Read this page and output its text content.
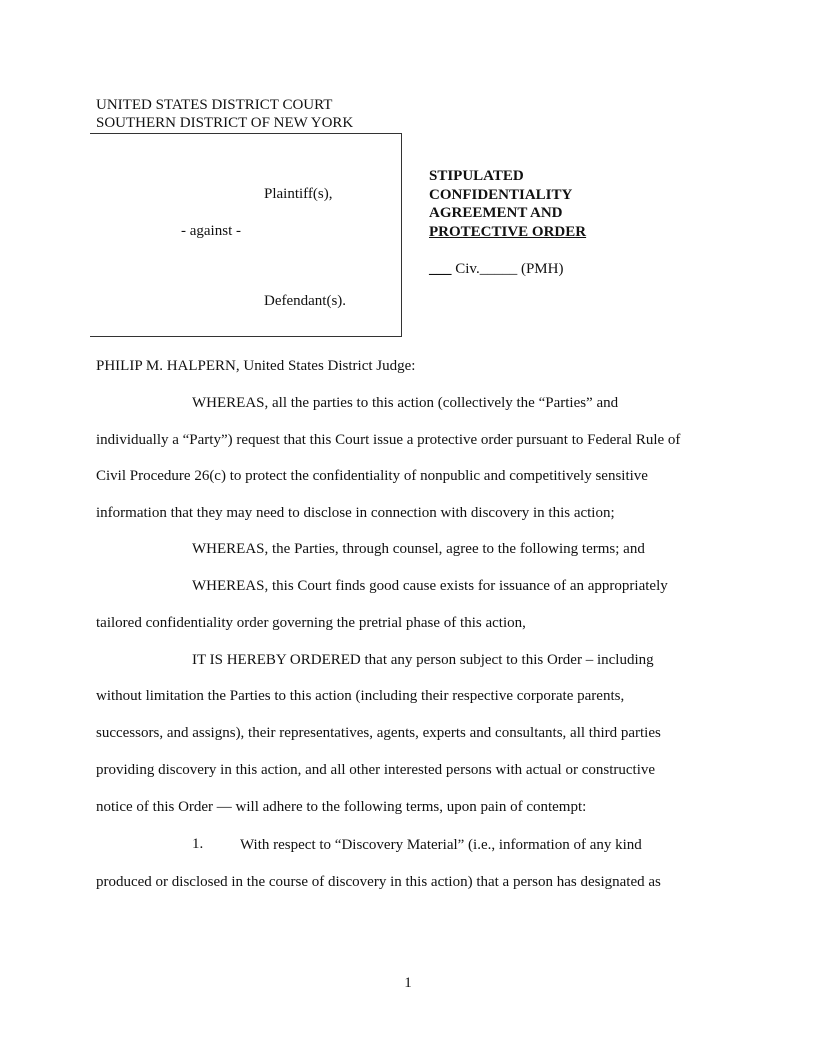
UNITED STATES DISTRICT COURT
SOUTHERN DISTRICT OF NEW YORK
Plaintiff(s),
- against -
Defendant(s).
STIPULATED
CONFIDENTIALITY
AGREEMENT AND
PROTECTIVE ORDER
___ Civ._____ (PMH)
PHILIP M. HALPERN, United States District Judge:
WHEREAS, all the parties to this action (collectively the “Parties” and
individually a “Party”) request that this Court issue a protective order pursuant to Federal Rule of
Civil Procedure 26(c) to protect the confidentiality of nonpublic and competitively sensitive
information that they may need to disclose in connection with discovery in this action;
WHEREAS, the Parties, through counsel, agree to the following terms; and
WHEREAS, this Court finds good cause exists for issuance of an appropriately
tailored confidentiality order governing the pretrial phase of this action,
IT IS HEREBY ORDERED that any person subject to this Order – including
without limitation the Parties to this action (including their respective corporate parents,
successors, and assigns), their representatives, agents, experts and consultants, all third parties
providing discovery in this action, and all other interested persons with actual or constructive
notice of this Order — will adhere to the following terms, upon pain of contempt:
1. With respect to “Discovery Material” (i.e., information of any kind
produced or disclosed in the course of discovery in this action) that a person has designated as
1
